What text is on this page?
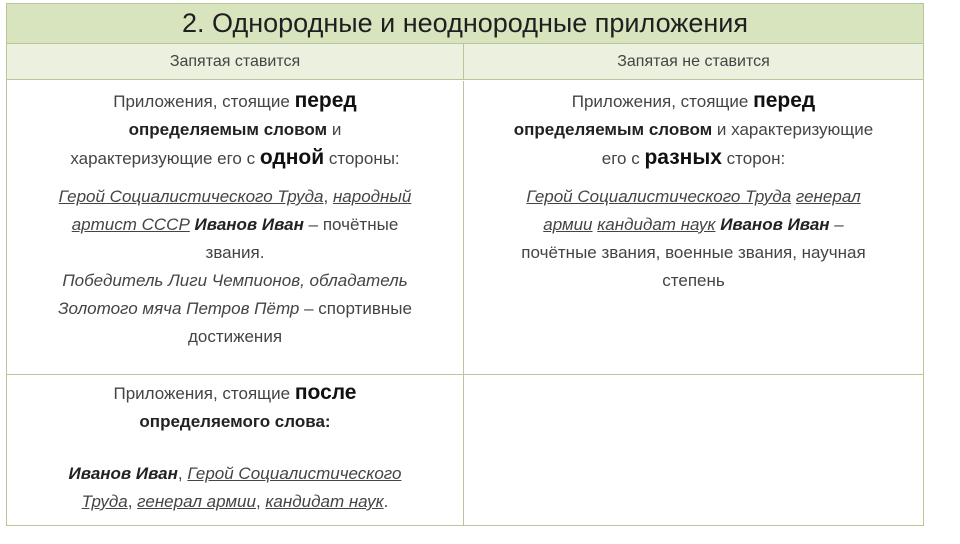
2. Однородные и неоднородные приложения
Запятая ставится	Запятая не ставится
Приложения, стоящие перед
определяемым словом и
характеризующие его с одной стороны:
Герой Социалистического Труда, народный
артист СССР Иванов Иван – почётные
звания.
Победитель Лиги Чемпионов, обладатель
Золотого мяча Петров Пётр – спортивные
достижения
Приложения, стоящие перед
определяемым словом и характеризующие
его с разных сторон:
Герой Социалистического Труда генерал
армии кандидат наук Иванов Иван –
почётные звания, военные звания, научная
степень
Приложения, стоящие после
определяемого слова:
Иванов Иван, Герой Социалистического
Труда, генерал армии, кандидат наук.
